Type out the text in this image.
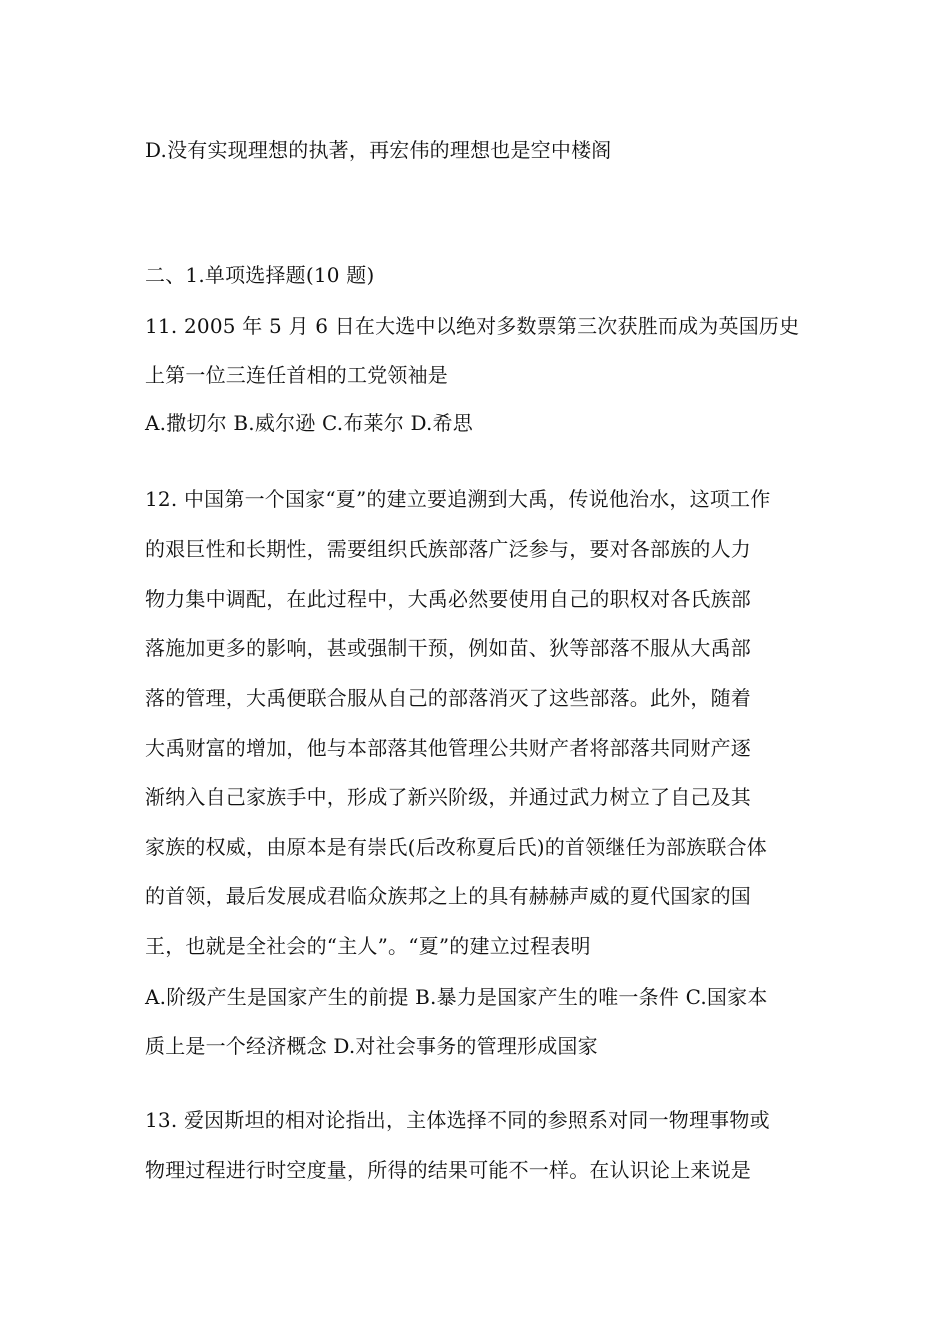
D.没有实现理想的执著，再宏伟的理想也是空中楼阁
二、1.单项选择题(10 题)
11. 2005 年 5 月 6 日在大选中以绝对多数票第三次获胜而成为英国历史
上第一位三连任首相的工党领袖是
A.撒切尔 B.威尔逊 C.布莱尔 D.希思
12. 中国第一个国家“夏”的建立要追溯到大禹，传说他治水，这项工作
的艰巨性和长期性，需要组织氏族部落广泛参与，要对各部族的人力
物力集中调配，在此过程中，大禹必然要使用自己的职权对各氏族部
落施加更多的影响，甚或强制干预，例如苗、狄等部落不服从大禹部
落的管理，大禹便联合服从自己的部落消灭了这些部落。此外，随着
大禹财富的增加，他与本部落其他管理公共财产者将部落共同财产逐
渐纳入自己家族手中，形成了新兴阶级，并通过武力树立了自己及其
家族的权威，由原本是有崇氏(后改称夏后氏)的首领继任为部族联合体
的首领，最后发展成君临众族邦之上的具有赫赫声威的夏代国家的国
王，也就是全社会的“主人”。“夏”的建立过程表明
A.阶级产生是国家产生的前提 B.暴力是国家产生的唯一条件 C.国家本
质上是一个经济概念 D.对社会事务的管理形成国家
13. 爱因斯坦的相对论指出，主体选择不同的参照系对同一物理事物或
物理过程进行时空度量，所得的结果可能不一样。在认识论上来说是
